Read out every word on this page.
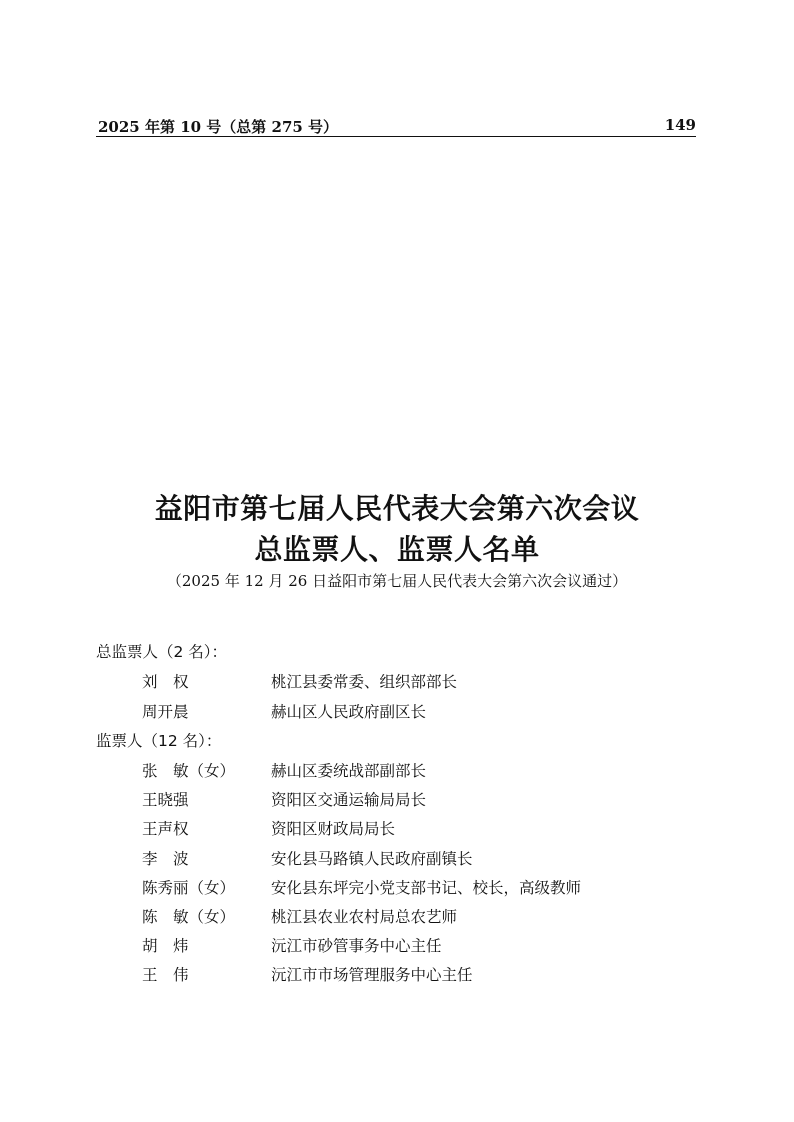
2025 年第 10 号（总第 275 号）	149
益阳市第七届人民代表大会第六次会议
总监票人、监票人名单
（2025 年 12 月 26 日益阳市第七届人民代表大会第六次会议通过）
总监票人（2 名）：
刘　权	桃江县委常委、组织部部长
周开晨	赫山区人民政府副区长
监票人（12 名）：
张　敏（女） 赫山区委统战部副部长
王晓强	资阳区交通运输局局长
王声权	资阳区财政局局长
李　波	安化县马路镇人民政府副镇长
陈秀丽（女） 安化县东坪完小党支部书记、校长，高级教师
陈　敏（女） 桃江县农业农村局总农艺师
胡　炜	沅江市砂管事务中心主任
王　伟	沅江市市场管理服务中心主任
